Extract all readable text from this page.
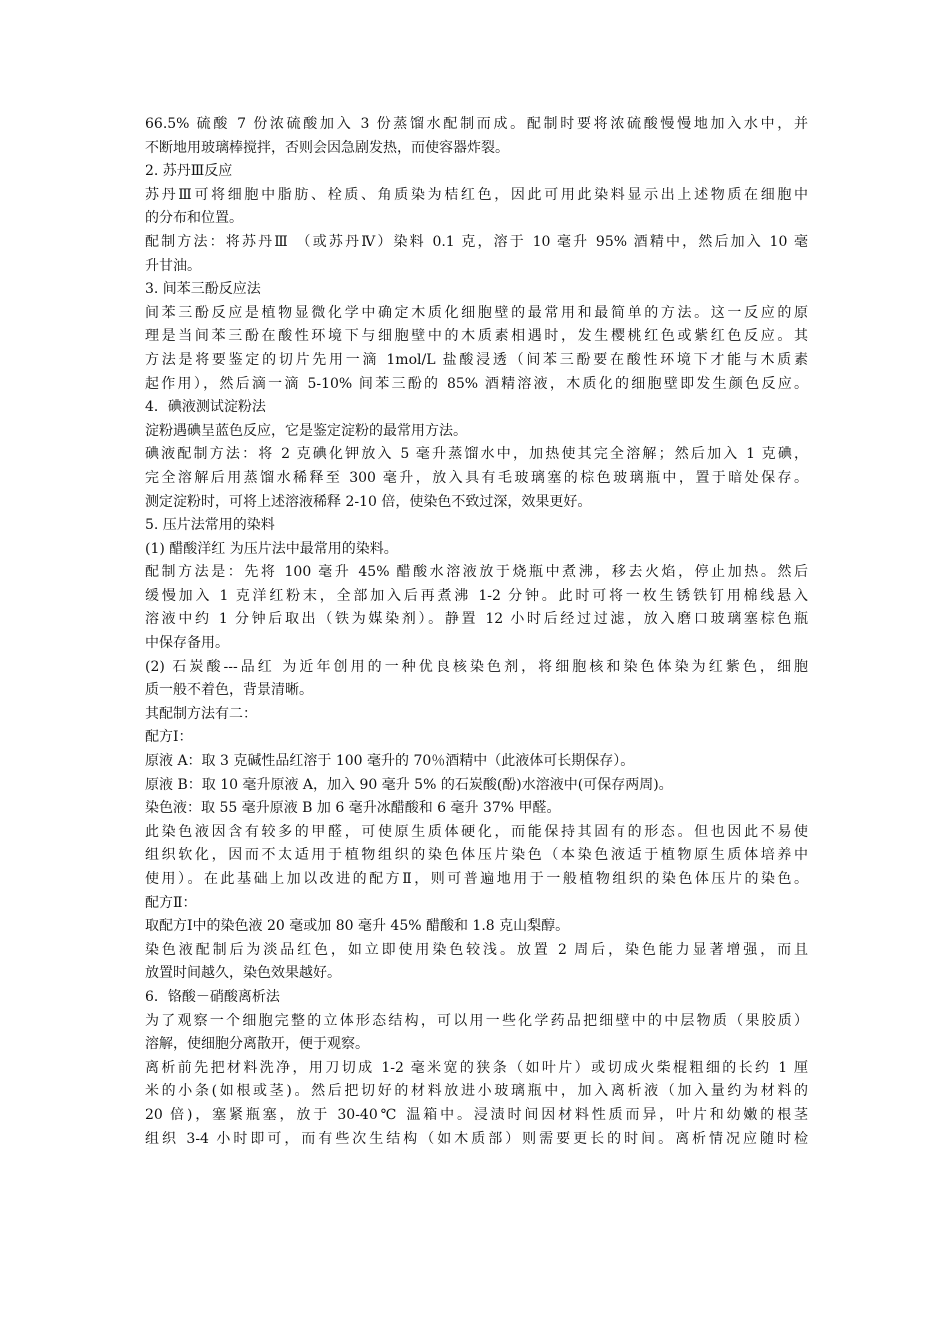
66.5% 硫酸 7 份浓硫酸加入 3 份蒸馏水配制而成。配制时要将浓硫酸慢慢地加入水中，并
不断地用玻璃棒搅拌，否则会因急剧发热，而使容器炸裂。
2. 苏丹Ⅲ反应
苏丹Ⅲ可将细胞中脂肪、栓质、角质染为桔红色，因此可用此染料显示出上述物质在细胞中
的分布和位置。
配制方法：将苏丹Ⅲ （或苏丹Ⅳ）染料 0.1 克，溶于 10 毫升 95% 酒精中，然后加入 10 毫
升甘油。
3. 间苯三酚反应法
间苯三酚反应是植物显微化学中确定木质化细胞壁的最常用和最简单的方法。这一反应的原
理是当间苯三酚在酸性环境下与细胞壁中的木质素相遇时，发生樱桃红色或紫红色反应。其
方法是将要鉴定的切片先用一滴 1mol/L 盐酸浸透（间苯三酚要在酸性环境下才能与木质素
起作用），然后滴一滴 5-10% 间苯三酚的 85% 酒精溶液，木质化的细胞壁即发生颜色反应。
4．碘液测试淀粉法
淀粉遇碘呈蓝色反应，它是鉴定淀粉的最常用方法。
碘液配制方法：将 2 克碘化钾放入 5 毫升蒸馏水中，加热使其完全溶解；然后加入 1 克碘，
完全溶解后用蒸馏水稀释至 300 毫升，放入具有毛玻璃塞的棕色玻璃瓶中，置于暗处保存。
测定淀粉时，可将上述溶液稀释 2-10 倍，使染色不致过深，效果更好。
5. 压片法常用的染料
(1) 醋酸洋红 为压片法中最常用的染料。
配制方法是：先将 100 毫升 45% 醋酸水溶液放于烧瓶中煮沸，移去火焰，停止加热。然后
缓慢加入 1 克洋红粉末，全部加入后再煮沸 1-2 分钟。此时可将一枚生锈铁钉用棉线悬入
溶液中约 1 分钟后取出（铁为媒染剂）。静置 12 小时后经过过滤，放入磨口玻璃塞棕色瓶
中保存备用。
(2) 石炭酸---品红 为近年创用的一种优良核染色剂，将细胞核和染色体染为红紫色，细胞
质一般不着色，背景清晰。
其配制方法有二：
配方Ⅰ：
原液 A：取 3 克碱性品红溶于 100 毫升的 70％酒精中（此液体可长期保存）。
原液 B：取 10 毫升原液 A，加入 90 毫升 5% 的石炭酸(酚)水溶液中(可保存两周)。
染色液：取 55 毫升原液 B 加 6 毫升冰醋酸和 6 毫升 37% 甲醛。
此染色液因含有较多的甲醛，可使原生质体硬化，而能保持其固有的形态。但也因此不易使
组织软化，因而不太适用于植物组织的染色体压片染色（本染色液适于植物原生质体培养中
使用）。在此基础上加以改进的配方Ⅱ，则可普遍地用于一般植物组织的染色体压片的染色。
配方Ⅱ：
取配方Ⅰ中的染色液 20 毫或加 80 毫升 45% 醋酸和 1.8 克山梨醇。
染色液配制后为淡品红色，如立即使用染色较浅。放置 2 周后，染色能力显著增强，而且
放置时间越久，染色效果越好。
6．铬酸－硝酸离析法
为了观察一个细胞完整的立体形态结构，可以用一些化学药品把细壁中的中层物质（果胶质）
溶解，使细胞分离散开，便于观察。
离析前先把材料洗净，用刀切成 1-2 毫米宽的狭条（如叶片）或切成火柴棍粗细的长约 1 厘
米的小条(如根或茎)。然后把切好的材料放进小玻璃瓶中，加入离析液（加入量约为材料的
20 倍)，塞紧瓶塞，放于 30-40℃ 温箱中。浸渍时间因材料性质而异，叶片和幼嫩的根茎
组织 3-4 小时即可，而有些次生结构（如木质部）则需要更长的时间。离析情况应随时检
